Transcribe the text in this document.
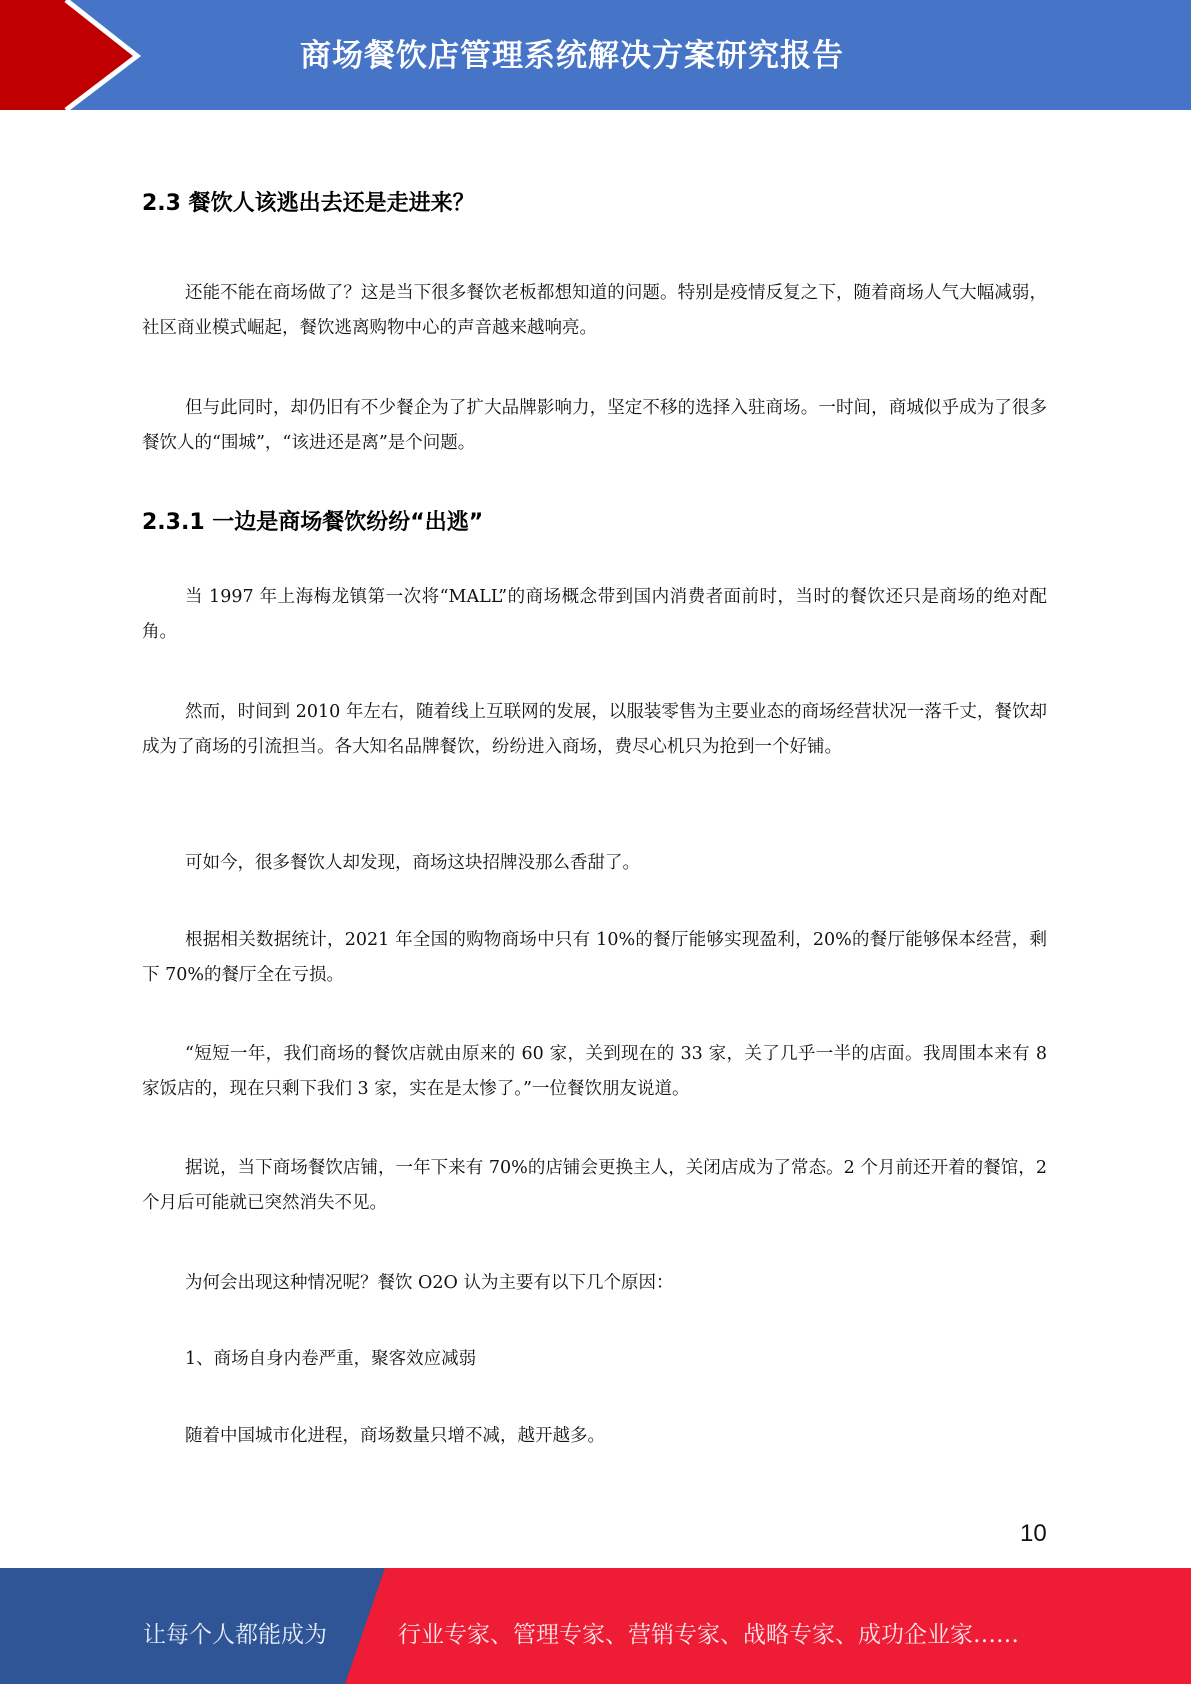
商场餐饮店管理系统解决方案研究报告
2.3 餐饮人该逃出去还是走进来？

还能不能在商场做了？这是当下很多餐饮老板都想知道的问题。特别是疫情反复之下，随着商场人气大幅减弱，社区商业模式崛起，餐饮逃离购物中心的声音越来越响亮。

但与此同时，却仍旧有不少餐企为了扩大品牌影响力，坚定不移的选择入驻商场。一时间，商城似乎成为了很多餐饮人的“围城”，“该进还是离”是个问题。

2.3.1 一边是商场餐饮纷纷“出逃”

当 1997 年上海梅龙镇第一次将“MALL”的商场概念带到国内消费者面前时，当时的餐饮还只是商场的绝对配角。

然而，时间到 2010 年左右，随着线上互联网的发展，以服装零售为主要业态的商场经营状况一落千丈，餐饮却成为了商场的引流担当。各大知名品牌餐饮，纷纷进入商场，费尽心机只为抢到一个好铺。

可如今，很多餐饮人却发现，商场这块招牌没那么香甜了。

根据相关数据统计，2021 年全国的购物商场中只有 10%的餐厅能够实现盈利，20%的餐厅能够保本经营，剩下 70%的餐厅全在亏损。

“短短一年，我们商场的餐饮店就由原来的 60 家，关到现在的 33 家，关了几乎一半的店面。我周围本来有 8 家饭店的，现在只剩下我们 3 家，实在是太惨了。”一位餐饮朋友说道。

据说，当下商场餐饮店铺，一年下来有 70%的店铺会更换主人，关闭店成为了常态。2 个月前还开着的餐馆，2 个月后可能就已突然消失不见。

为何会出现这种情况呢？餐饮 O2O 认为主要有以下几个原因：

1、商场自身内卷严重，聚客效应减弱

随着中国城市化进程，商场数量只增不减，越开越多。

10
让每个人都能成为	行业专家、管理专家、营销专家、战略专家、成功企业家……
